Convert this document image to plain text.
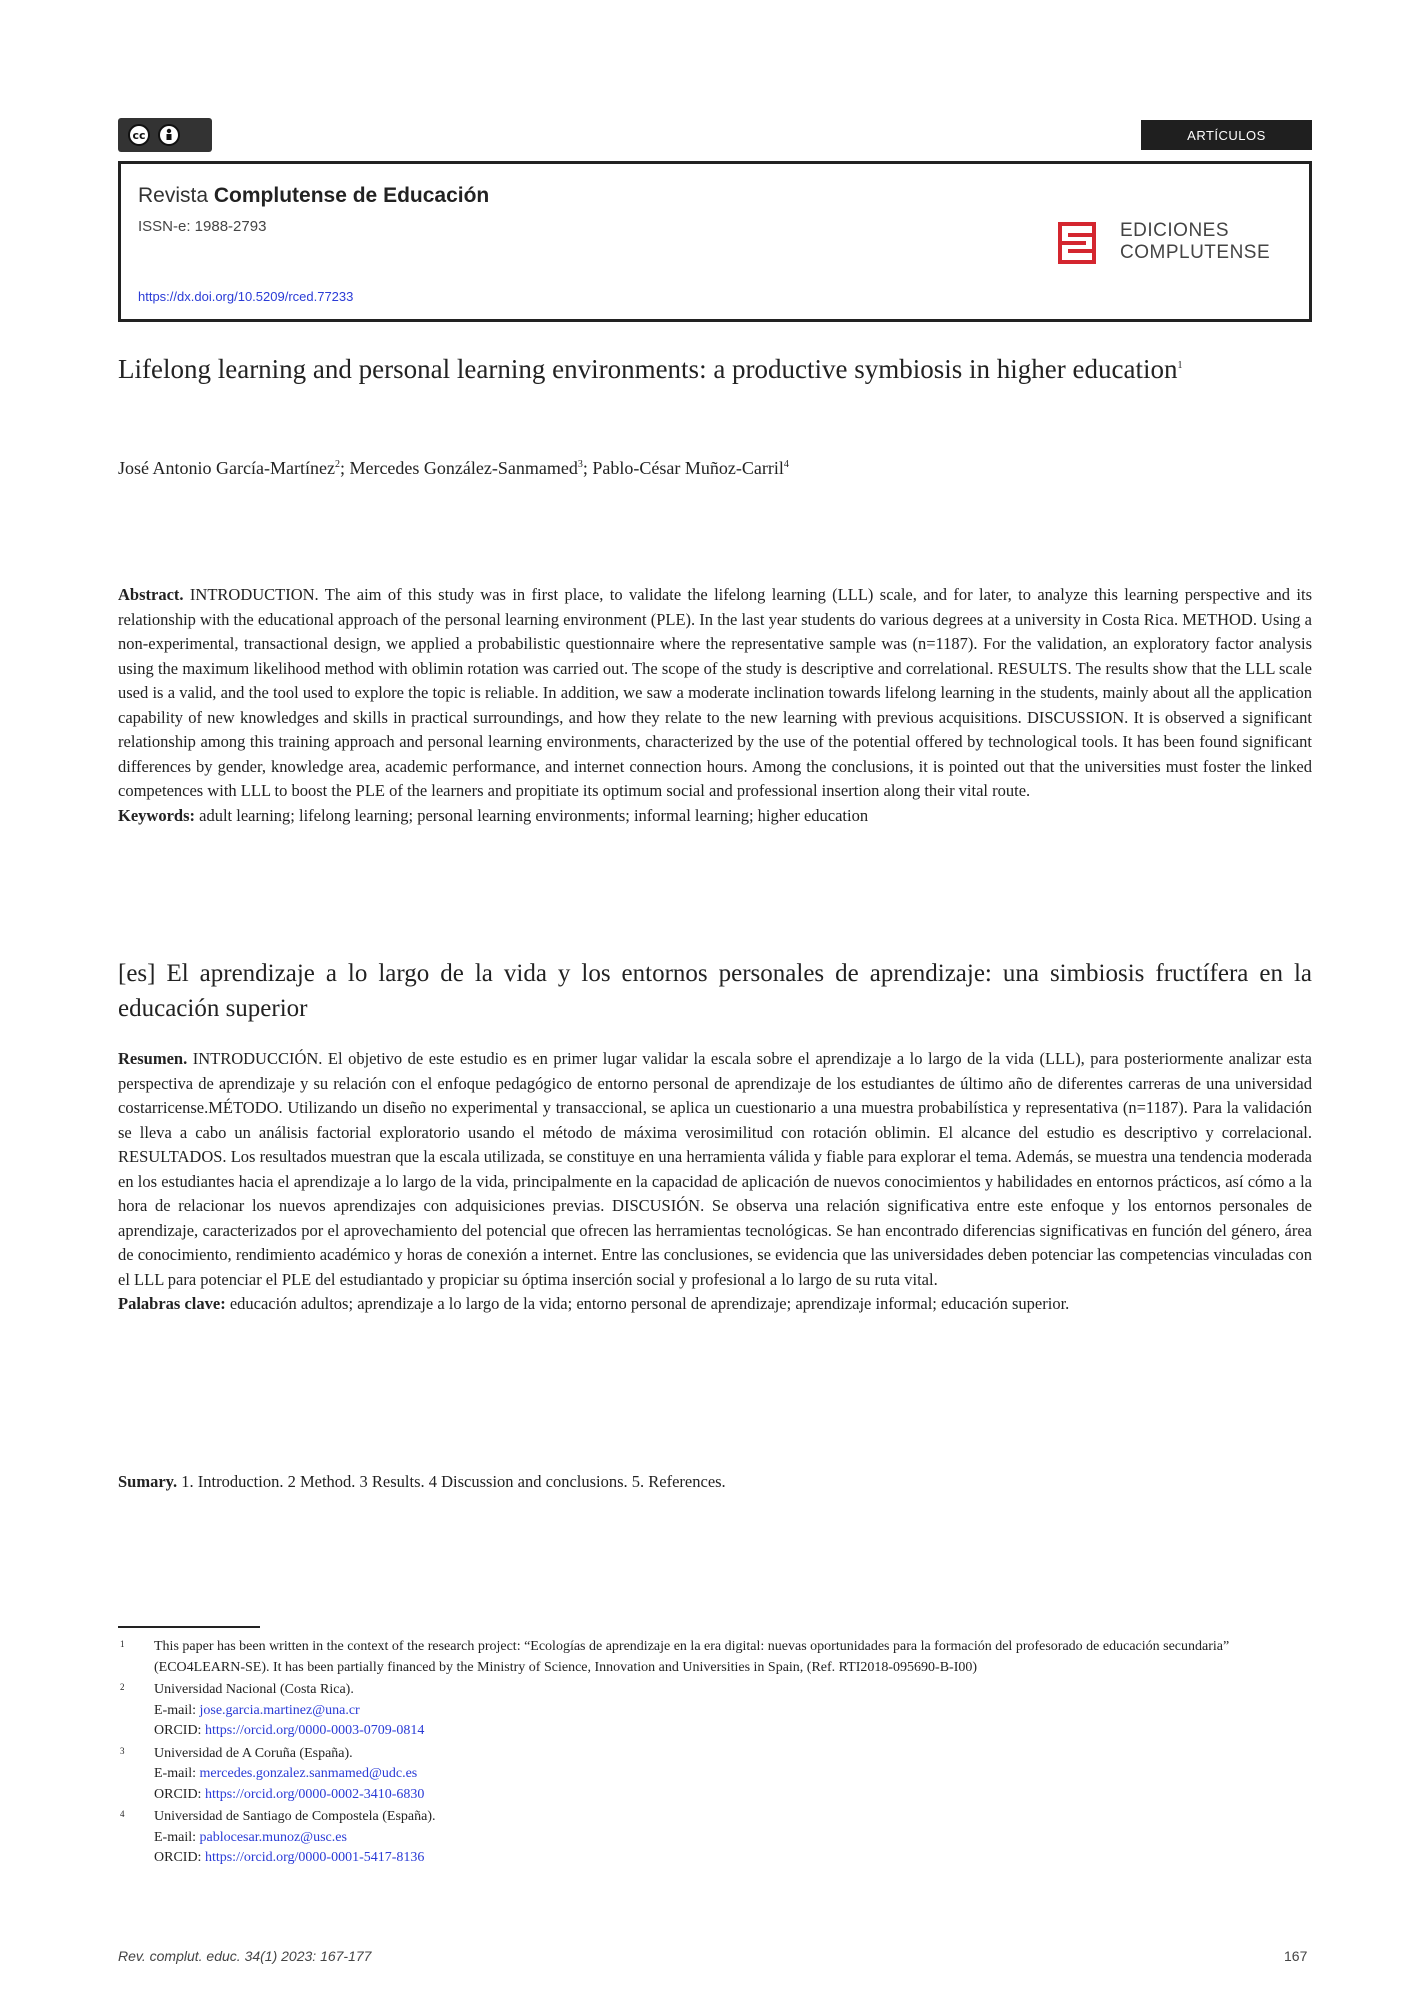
cc	ARTÍCULOS
Revista Complutense de Educación
ISSN-e: 1988-2793
https://dx.doi.org/10.5209/rced.77233
EDICIONES
COMPLUTENSE
Lifelong learning and personal learning environments: a productive symbiosis in higher education$^1$
José Antonio García-Martínez$^2$; Mercedes González-Sanmamed$^3$; Pablo-César Muñoz-Carril$^4$
Abstract. INTRODUCTION. The aim of this study was in first place, to validate the lifelong learning (LLL) scale, and for later, to analyze this learning perspective and its relationship with the educational approach of the personal learning environment (PLE). In the last year students do various degrees at a university in Costa Rica. METHOD. Using a non-experimental, transactional design, we applied a probabilistic questionnaire where the representative sample was (n=1187). For the validation, an exploratory factor analysis using the maximum likelihood method with oblimin rotation was carried out. The scope of the study is descriptive and correlational. RESULTS. The results show that the LLL scale used is a valid, and the tool used to explore the topic is reliable. In addition, we saw a moderate inclination towards lifelong learning in the students, mainly about all the application capability of new knowledges and skills in practical surroundings, and how they relate to the new learning with previous acquisitions. DISCUSSION. It is observed a significant relationship among this training approach and personal learning environments, characterized by the use of the potential offered by technological tools. It has been found significant differences by gender, knowledge area, academic performance, and internet connection hours. Among the conclusions, it is pointed out that the universities must foster the linked competences with LLL to boost the PLE of the learners and propitiate its optimum social and professional insertion along their vital route.
Keywords: adult learning; lifelong learning; personal learning environments; informal learning; higher education
[es] El aprendizaje a lo largo de la vida y los entornos personales de aprendizaje: una simbiosis fructífera en la educación superior
Resumen. INTRODUCCIÓN. El objetivo de este estudio es en primer lugar validar la escala sobre el aprendizaje a lo largo de la vida (LLL), para posteriormente analizar esta perspectiva de aprendizaje y su relación con el enfoque pedagógico de entorno personal de aprendizaje de los estudiantes de último año de diferentes carreras de una universidad costarricense.MÉTODO. Utilizando un diseño no experimental y transaccional, se aplica un cuestionario a una muestra probabilística y representativa (n=1187). Para la validación se lleva a cabo un análisis factorial exploratorio usando el método de máxima verosimilitud con rotación oblimin. El alcance del estudio es descriptivo y correlacional. RESULTADOS. Los resultados muestran que la escala utilizada, se constituye en una herramienta válida y fiable para explorar el tema. Además, se muestra una tendencia moderada en los estudiantes hacia el aprendizaje a lo largo de la vida, principalmente en la capacidad de aplicación de nuevos conocimientos y habilidades en entornos prácticos, así cómo a la hora de relacionar los nuevos aprendizajes con adquisiciones previas. DISCUSIÓN. Se observa una relación significativa entre este enfoque y los entornos personales de aprendizaje, caracterizados por el aprovechamiento del potencial que ofrecen las herramientas tecnológicas. Se han encontrado diferencias significativas en función del género, área de conocimiento, rendimiento académico y horas de conexión a internet. Entre las conclusiones, se evidencia que las universidades deben potenciar las competencias vinculadas con el LLL para potenciar el PLE del estudiantado y propiciar su óptima inserción social y profesional a lo largo de su ruta vital.
Palabras clave: educación adultos; aprendizaje a lo largo de la vida; entorno personal de aprendizaje; aprendizaje informal; educación superior.
Sumary. 1. Introduction. 2 Method. 3 Results. 4 Discussion and conclusions. 5. References.
1 This paper has been written in the context of the research project: “Ecologías de aprendizaje en la era digital: nuevas oportunidades para la formación del profesorado de educación secundaria” (ECO4LEARN-SE). It has been partially financed by the Ministry of Science, Innovation and Universities in Spain, (Ref. RTI2018-095690-B-I00)
2 Universidad Nacional (Costa Rica).
E-mail: jose.garcia.martinez@una.cr
ORCID: https://orcid.org/0000-0003-0709-0814
3 Universidad de A Coruña (España).
E-mail: mercedes.gonzalez.sanmamed@udc.es
ORCID: https://orcid.org/0000-0002-3410-6830
4 Universidad de Santiago de Compostela (España).
E-mail: pablocesar.munoz@usc.es
ORCID: https://orcid.org/0000-0001-5417-8136
Rev. complut. educ. 34(1) 2023: 167-177	167
